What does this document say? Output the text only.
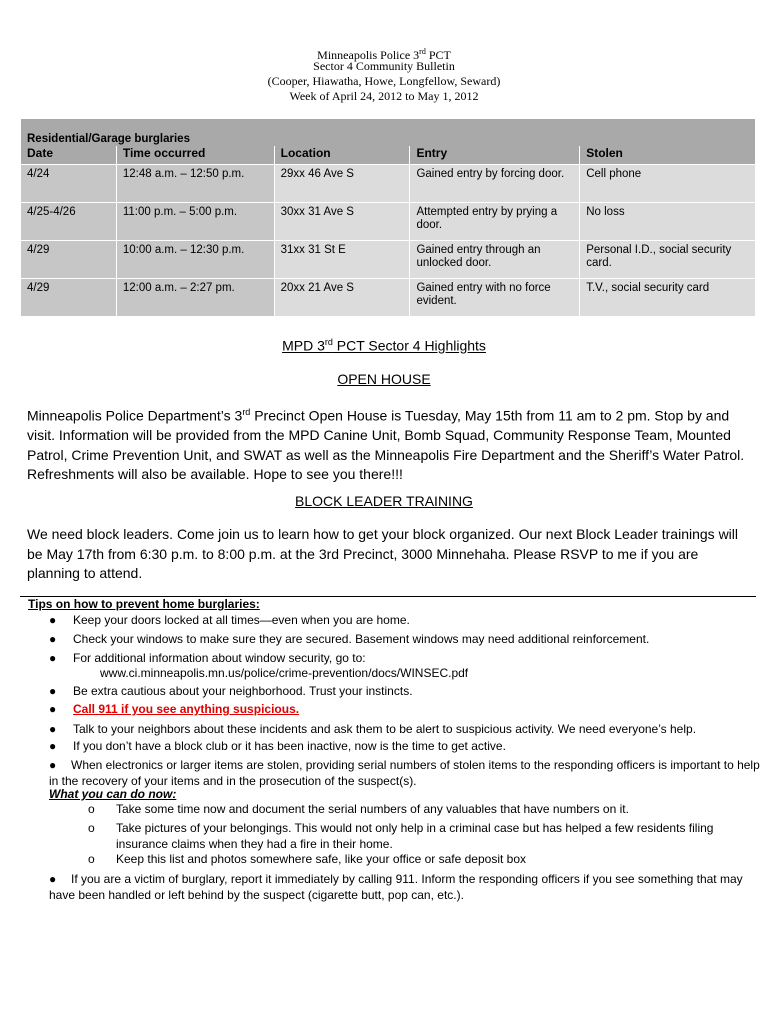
Minneapolis Police 3rd PCT
Sector 4 Community Bulletin
(Cooper, Hiawatha, Howe, Longfellow, Seward)
Week of April 24, 2012 to May 1, 2012
Residential/Garage burglaries				
Date	Time occurred	Location	Entry	Stolen
4/24	12:48 a.m. – 12:50 p.m.	29xx 46 Ave S	Gained entry by forcing door.	Cell phone
4/25-4/26	11:00 p.m. – 5:00 p.m.	30xx 31 Ave S	Attempted entry by prying a door.	No loss
4/29	10:00 a.m. – 12:30 p.m.	31xx 31 St E	Gained entry through an unlocked door.	Personal I.D., social security card.
4/29	12:00 a.m. – 2:27 pm.	20xx 21 Ave S	Gained entry with no force evident.	T.V., social security card
MPD 3rd PCT Sector 4 Highlights
OPEN HOUSE
Minneapolis Police Department’s 3rd Precinct Open House is Tuesday, May 15th from 11 am to 2 pm. Stop by and visit. Information will be provided from the MPD Canine Unit, Bomb Squad, Community Response Team, Mounted Patrol, Crime Prevention Unit, and SWAT as well as the Minneapolis Fire Department and the Sheriff’s Water Patrol. Refreshments will also be available. Hope to see you there!!!
BLOCK LEADER TRAINING
We need block leaders. Come join us to learn how to get your block organized. Our next Block Leader trainings will be May 17th from 6:30 p.m. to 8:00 p.m. at the 3rd Precinct, 3000 Minnehaha. Please RSVP to me if you are planning to attend.
Tips on how to prevent home burglaries:
● Keep your doors locked at all times—even when you are home.
● Check your windows to make sure they are secured. Basement windows may need additional reinforcement.
● For additional information about window security, go to:
www.ci.minneapolis.mn.us/police/crime-prevention/docs/WINSEC.pdf
● Be extra cautious about your neighborhood. Trust your instincts.
● Call 911 if you see anything suspicious.
● Talk to your neighbors about these incidents and ask them to be alert to suspicious activity. We need everyone’s help.
● If you don’t have a block club or it has been inactive, now is the time to get active.
●	When electronics or larger items are stolen, providing serial numbers of stolen items to the responding officers is important to help in the recovery of your items and in the prosecution of the suspect(s).
What you can do now:
o Take some time now and document the serial numbers of any valuables that have numbers on it.
o Take pictures of your belongings. This would not only help in a criminal case but has helped a few residents filing insurance claims when they had a fire in their home.
o Keep this list and photos somewhere safe, like your office or safe deposit box
●	If you are a victim of burglary, report it immediately by calling 911. Inform the responding officers if you see something that may have been handled or left behind by the suspect (cigarette butt, pop can, etc.).
